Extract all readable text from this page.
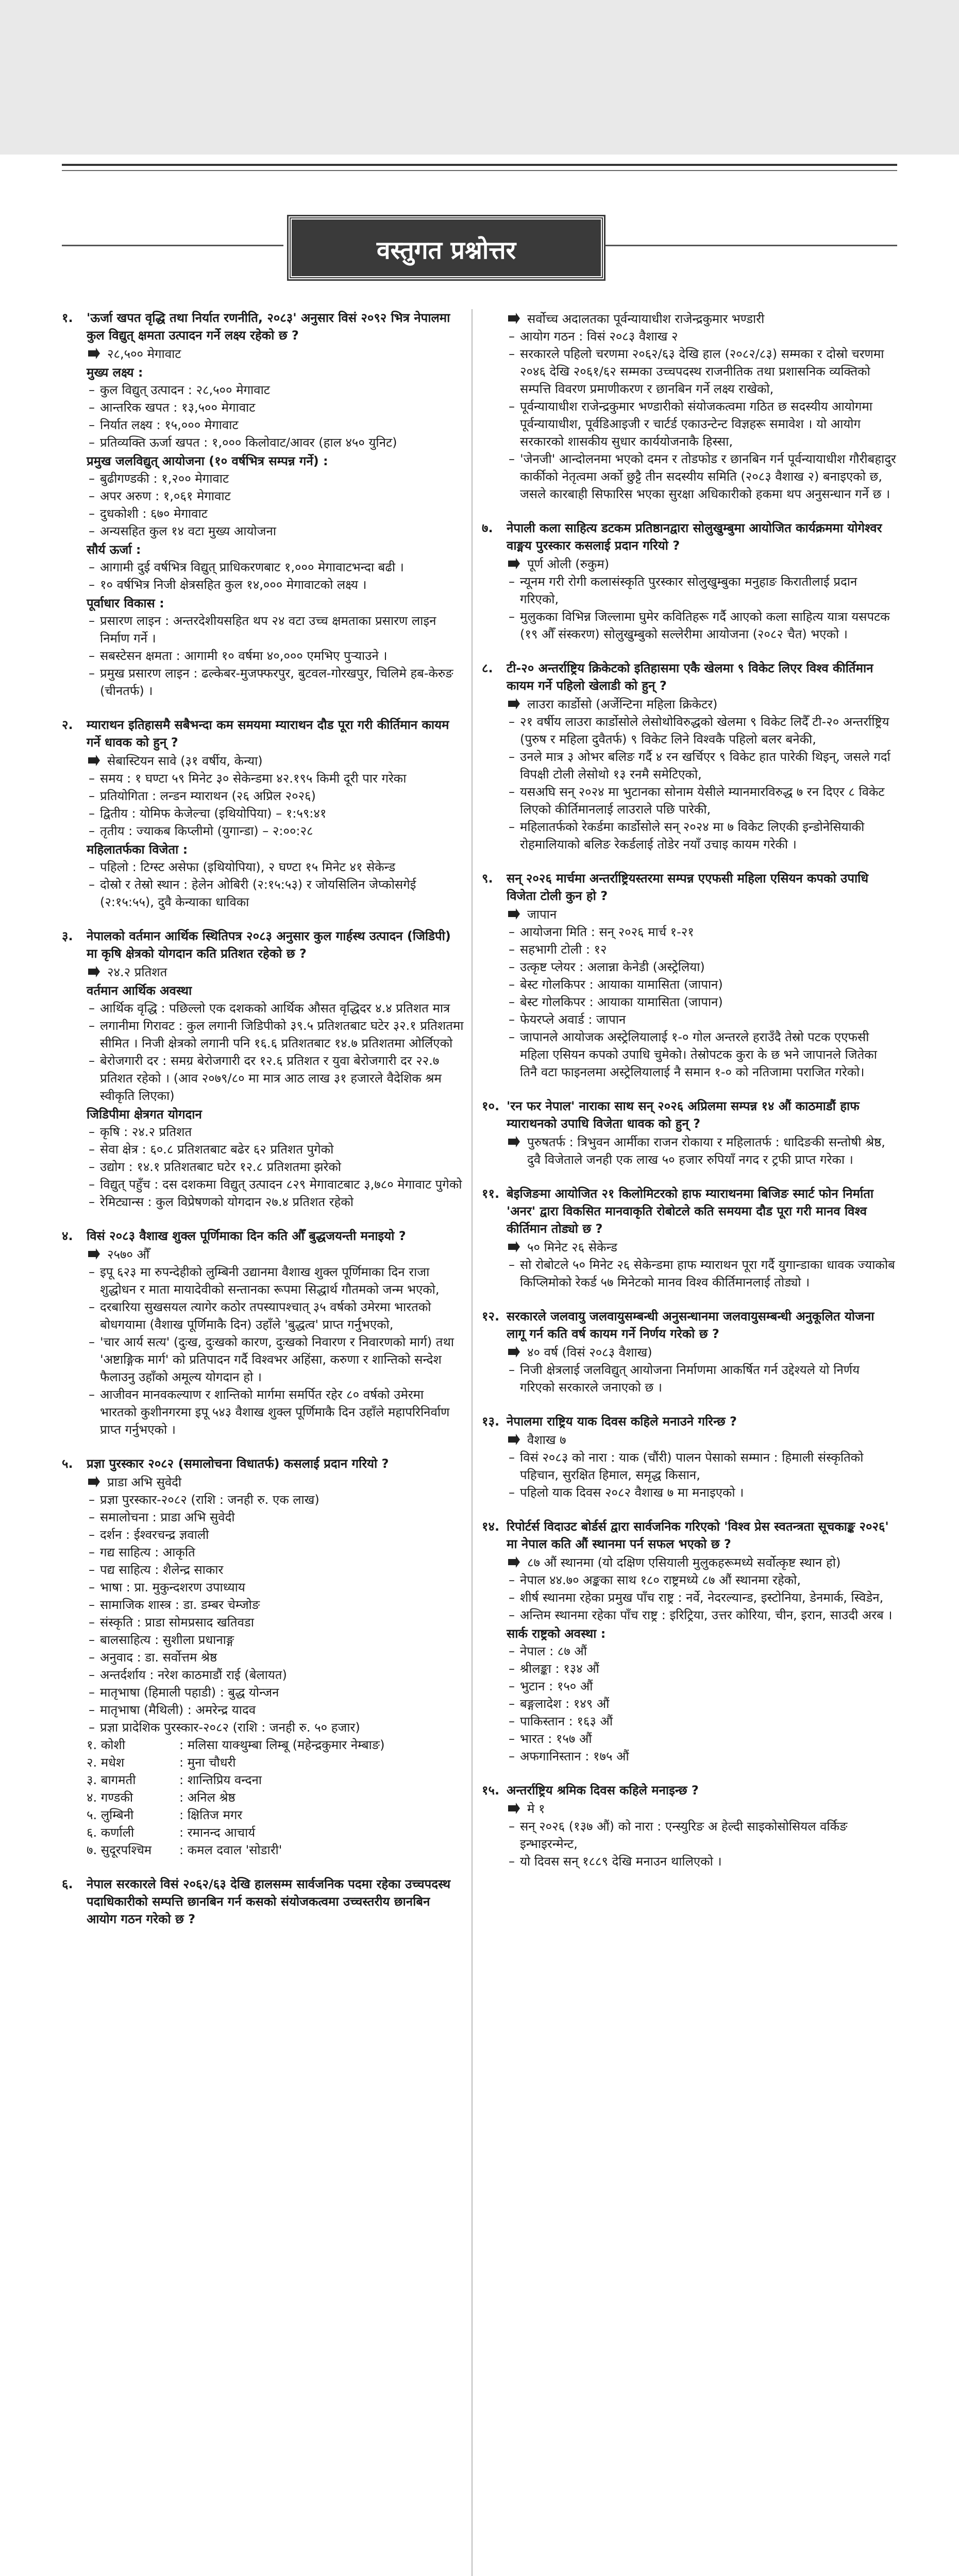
वस्तुगत प्रश्नोत्तर
१. 'ऊर्जा खपत वृद्धि तथा निर्यात रणनीति, २०८३' अनुसार विसं २०९२ भित्र नेपालमा कुल विद्युत् क्षमता उत्पादन गर्ने लक्ष्य रहेको छ ?
२८,५०० मेगावाट
मुख्य लक्ष्य :
– कुल विद्युत् उत्पादन : २८,५०० मेगावाट
– आन्तरिक खपत : १३,५०० मेगावाट
– निर्यात लक्ष्य : १५,००० मेगावाट
– प्रतिव्यक्ति ऊर्जा खपत : १,००० किलोवाट/आवर (हाल ४५० युनिट)
प्रमुख जलविद्युत् आयोजना (१० वर्षभित्र सम्पन्न गर्ने) :
– बुढीगण्डकी : १,२०० मेगावाट
– अपर अरुण : १,०६१ मेगावाट
– दुधकोशी : ६७० मेगावाट
– अन्यसहित कुल १४ वटा मुख्य आयोजना
सौर्य ऊर्जा :
– आगामी दुई वर्षभित्र विद्युत् प्राधिकरणबाट १,००० मेगावाटभन्दा बढी ।
– १० वर्षभित्र निजी क्षेत्रसहित कुल १४,००० मेगावाटको लक्ष्य ।
पूर्वाधार विकास :
– प्रसारण लाइन : अन्तरदेशीयसहित थप २४ वटा उच्च क्षमताका प्रसारण लाइन निर्माण गर्ने ।
– सबस्टेसन क्षमता : आगामी १० वर्षमा ४०,००० एमभिए पुऱ्याउने ।
– प्रमुख प्रसारण लाइन : ढल्केबर-मुजफ्फरपुर, बुटवल-गोरखपुर, चिलिमे हब-केरुङ (चीनतर्फ) ।
२. म्याराथन इतिहासमै सबैभन्दा कम समयमा म्याराथन दौड पूरा गरी कीर्तिमान कायम गर्ने धावक को हुन् ?
सेबास्टियन सावे (३१ वर्षीय, केन्या)
– समय : १ घण्टा ५९ मिनेट ३० सेकेन्डमा ४२.१९५ किमी दूरी पार गरेका
– प्रतियोगिता : लन्डन म्याराथन (२६ अप्रिल २०२६)
– द्वितीय : योमिफ केजेल्चा (इथियोपिया) – १:५९:४१
– तृतीय : ज्याकब किप्लीमो (युगान्डा) – २:००:२८
महिलातर्फका विजेता :
– पहिलो : टिग्स्ट असेफा (इथियोपिया), २ घण्टा १५ मिनेट ४१ सेकेन्ड
– दोस्रो र तेस्रो स्थान : हेलेन ओबिरी (२:१५:५३) र जोयसिलिन जेप्कोसगेई (२:१५:५५), दुवै केन्याका धाविका
३. नेपालको वर्तमान आर्थिक स्थितिपत्र २०८३ अनुसार कुल गार्हस्थ उत्पादन (जिडिपी) मा कृषि क्षेत्रको योगदान कति प्रतिशत रहेको छ ?
२४.२ प्रतिशत
वर्तमान आर्थिक अवस्था
– आर्थिक वृद्धि : पछिल्लो एक दशकको आर्थिक औसत वृद्धिदर ४.४ प्रतिशत मात्र
– लगानीमा गिरावट : कुल लगानी जिडिपीको ३९.५ प्रतिशतबाट घटेर ३२.१ प्रतिशतमा सीमित । निजी क्षेत्रको लगानी पनि १६.६ प्रतिशतबाट १४.७ प्रतिशतमा ओर्लिएको
– बेरोजगारी दर : समग्र बेरोजगारी दर १२.६ प्रतिशत र युवा बेरोजगारी दर २२.७ प्रतिशत रहेको । (आव २०७९/८० मा मात्र आठ लाख ३१ हजारले वैदेशिक श्रम स्वीकृति लिएका)
जिडिपीमा क्षेत्रगत योगदान
– कृषि : २४.२ प्रतिशत
– सेवा क्षेत्र : ६०.८ प्रतिशतबाट बढेर ६२ प्रतिशत पुगेको
– उद्योग : १४.१ प्रतिशतबाट घटेर १२.८ प्रतिशतमा झरेको
– विद्युत् पहुँच : दस दशकमा विद्युत् उत्पादन ८२९ मेगावाटबाट ३,७८० मेगावाट पुगेको
– रेमिट्यान्स : कुल विप्रेषणको योगदान २७.४ प्रतिशत रहेको
४. विसं २०८३ वैशाख शुक्ल पूर्णिमाका दिन कति औँ बुद्धजयन्ती मनाइयो ?
२५७० औँ
– इपू ६२३ मा रुपन्देहीको लुम्बिनी उद्यानमा वैशाख शुक्ल पूर्णिमाका दिन राजा शुद्धोधन र माता मायादेवीको सन्तानका रूपमा सिद्धार्थ गौतमको जन्म भएको,
– दरबारिया सुखसयल त्यागेर कठोर तपस्यापश्चात् ३५ वर्षको उमेरमा भारतको बोधगयामा (वैशाख पूर्णिमाकै दिन) उहाँले 'बुद्धत्व' प्राप्त गर्नुभएको,
– 'चार आर्य सत्य' (दुःख, दुःखको कारण, दुःखको निवारण र निवारणको मार्ग) तथा 'अष्टाङ्गिक मार्ग' को प्रतिपादन गर्दै विश्वभर अहिंसा, करुणा र शान्तिको सन्देश फैलाउनु उहाँको अमूल्य योगदान हो ।
– आजीवन मानवकल्याण र शान्तिको मार्गमा समर्पित रहेर ८० वर्षको उमेरमा भारतको कुशीनगरमा इपू ५४३ वैशाख शुक्ल पूर्णिमाकै दिन उहाँले महापरिनिर्वाण प्राप्त गर्नुभएको ।
५. प्रज्ञा पुरस्कार २०८२ (समालोचना विधातर्फ) कसलाई प्रदान गरियो ?
प्राडा अभि सुवेदी
– प्रज्ञा पुरस्कार-२०८२ (राशि : जनही रु. एक लाख)
– समालोचना : प्राडा अभि सुवेदी
– दर्शन : ईश्वरचन्द्र ज्ञवाली
– गद्य साहित्य : आकृति
– पद्य साहित्य : शैलेन्द्र साकार
– भाषा : प्रा. मुकुन्दशरण उपाध्याय
– सामाजिक शास्त्र : डा. डम्बर चेम्जोङ
– संस्कृति : प्राडा सोमप्रसाद खतिवडा
– बालसाहित्य : सुशीला प्रधानाङ्ग
– अनुवाद : डा. सर्वोत्तम श्रेष्ठ
– अन्तर्दर्शाय : नरेश काठमाडौं राई (बेलायत)
– मातृभाषा (हिमाली पहाडी) : बुद्ध योन्जन
– मातृभाषा (मैथिली) : अमरेन्द्र यादव
– प्रज्ञा प्रादेशिक पुरस्कार-२०८२ (राशि : जनही रु. ५० हजार)
१. कोशी	: मलिसा याक्थुम्बा लिम्बू (महेन्द्रकुमार नेम्बाङ)
२. मधेश	: मुना चौधरी
३. बागमती	: शान्तिप्रिय वन्दना
४. गण्डकी	: अनिल श्रेष्ठ
५. लुम्बिनी	: क्षितिज मगर
६. कर्णाली	: रमानन्द आचार्य
७. सुदूरपश्चिम : कमल दवाल 'सोडारी'
६. नेपाल सरकारले विसं २०६२/६३ देखि हालसम्म सार्वजनिक पदमा रहेका उच्चपदस्थ पदाधिकारीको सम्पत्ति छानबिन गर्न कसको संयोजकत्वमा उच्चस्तरीय छानबिन आयोग गठन गरेको छ ?
सर्वोच्च अदालतका पूर्वन्यायाधीश राजेन्द्रकुमार भण्डारी
– आयोग गठन : विसं २०८३ वैशाख २
– सरकारले पहिलो चरणमा २०६२/६३ देखि हाल (२०८२/८३) सम्मका र दोस्रो चरणमा २०४६ देखि २०६१/६२ सम्मका उच्चपदस्थ राजनीतिक तथा प्रशासनिक व्यक्तिको सम्पत्ति विवरण प्रमाणीकरण र छानबिन गर्ने लक्ष्य राखेको,
– पूर्वन्यायाधीश राजेन्द्रकुमार भण्डारीको संयोजकत्वमा गठित छ सदस्यीय आयोगमा पूर्वन्यायाधीश, पूर्वडिआइजी र चार्टर्ड एकाउन्टेन्ट विज्ञहरू समावेश । यो आयोग सरकारको शासकीय सुधार कार्ययोजनाकै हिस्सा,
– 'जेनजी' आन्दोलनमा भएको दमन र तोडफोड र छानबिन गर्न पूर्वन्यायाधीश गौरीबहादुर कार्कीको नेतृत्वमा अर्को छुट्टै तीन सदस्यीय समिति (२०८३ वैशाख २) बनाइएको छ, जसले कारबाही सिफारिस भएका सुरक्षा अधिकारीको हकमा थप अनुसन्धान गर्ने छ ।
७. नेपाली कला साहित्य डटकम प्रतिष्ठानद्वारा सोलुखुम्बुमा आयोजित कार्यक्रममा योगेश्वर वाङ्मय पुरस्कार कसलाई प्रदान गरियो ?
पूर्ण ओली (रुकुम)
– न्यूनम गरी रोगी कलासंस्कृति पुरस्कार सोलुखुम्बुका मनुहाङ किरातीलाई प्रदान गरिएको,
– मुलुकका विभिन्न जिल्लामा घुमेर कवितिहरू गर्दै आएको कला साहित्य यात्रा यसपटक (१९ औँ संस्करण) सोलुखुम्बुको सल्लेरीमा आयोजना (२०८२ चैत) भएको ।
८. टी-२० अन्तर्राष्ट्रिय क्रिकेटको इतिहासमा एकै खेलमा ९ विकेट लिएर विश्व कीर्तिमान कायम गर्ने पहिलो खेलाडी को हुन् ?
लाउरा कार्डोसो (अर्जेन्टिना महिला क्रिकेटर)
– २१ वर्षीय लाउरा कार्डोसोले लेसोथोविरुद्धको खेलमा ९ विकेट लिदैँ टी-२० अन्तर्राष्ट्रिय (पुरुष र महिला दुवैतर्फ) ९ विकेट लिने विश्वकै पहिलो बलर बनेकी,
– उनले मात्र ३ ओभर बलिङ गर्दै ४ रन खर्चिएर ९ विकेट हात पारेकी थिइन्, जसले गर्दा विपक्षी टोली लेसोथो १३ रनमै समेटिएको,
– यसअघि सन् २०२४ मा भुटानका सोनाम येसीले म्यानमारविरुद्ध ७ रन दिएर ८ विकेट लिएको कीर्तिमानलाई लाउराले पछि पारेकी,
– महिलातर्फको रेकर्डमा कार्डोसोले सन् २०२४ मा ७ विकेट लिएकी इन्डोनेसियाकी रोहमालियाको बलिङ रेकर्डलाई तोडेर नयाँ उचाइ कायम गरेकी ।
९. सन् २०२६ मार्चमा अन्तर्राष्ट्रियस्तरमा सम्पन्न एएफसी महिला एसियन कपको उपाधि विजेता टोली कुन हो ?
जापान
– आयोजना मिति : सन् २०२६ मार्च १-२१
– सहभागी टोली : १२
– उत्कृष्ट प्लेयर : अलान्ना केनेडी (अस्ट्रेलिया)
– बेस्ट गोलकिपर : आयाका यामासिता (जापान)
– बेस्ट गोलकिपर : आयाका यामासिता (जापान)
– फेयरप्ले अवार्ड : जापान
– जापानले आयोजक अस्ट्रेलियालाई १-० गोल अन्तरले हराउँदै तेस्रो पटक एएफसी महिला एसियन कपको उपाधि चुमेको। तेस्रोपटक कुरा के छ भने जापानले जितेका तिनै वटा फाइनलमा अस्ट्रेलियालाई नै समान १-० को नतिजामा पराजित गरेको।
१०. 'रन फर नेपाल' नाराका साथ सन् २०२६ अप्रिलमा सम्पन्न १४ औं काठमाडौं हाफ म्याराथनको उपाधि विजेता धावक को हुन् ?
पुरुषतर्फ : त्रिभुवन आर्मीका राजन रोकाया र महिलातर्फ : धादिङकी सन्तोषी श्रेष्ठ, दुवै विजेताले जनही एक लाख ५० हजार रुपियाँ नगद र ट्रफी प्राप्त गरेका ।
११. बेइजिङमा आयोजित २१ किलोमिटरको हाफ म्याराथनमा बिजिङ स्मार्ट फोन निर्माता 'अनर' द्वारा विकसित मानवाकृति रोबोटले कति समयमा दौड पूरा गरी मानव विश्व कीर्तिमान तोड्यो छ ?
५० मिनेट २६ सेकेन्ड
– सो रोबोटले ५० मिनेट २६ सेकेन्डमा हाफ म्याराथन पूरा गर्दै युगान्डाका धावक ज्याकोब किप्लिमोको रेकर्ड ५७ मिनेटको मानव विश्व कीर्तिमानलाई तोड्यो ।
१२. सरकारले जलवायु जलवायुसम्बन्धी अनुसन्धानमा जलवायुसम्बन्धी अनुकूलित योजना लागू गर्न कति वर्ष कायम गर्ने निर्णय गरेको छ ?
४० वर्ष (विसं २०८३ वैशाख)
– निजी क्षेत्रलाई जलविद्युत् आयोजना निर्माणमा आकर्षित गर्न उद्देश्यले यो निर्णय गरिएको सरकारले जनाएको छ ।
१३. नेपालमा राष्ट्रिय याक दिवस कहिले मनाउने गरिन्छ ?
वैशाख ७
– विसं २०८३ को नारा : याक (चौंरी) पालन पेसाको सम्मान : हिमाली संस्कृतिको पहिचान, सुरक्षित हिमाल, समृद्ध किसान,
– पहिलो याक दिवस २०८२ वैशाख ७ मा मनाइएको ।
१४. रिपोर्टर्स विदाउट बोर्डर्स द्वारा सार्वजनिक गरिएको 'विश्व प्रेस स्वतन्त्रता सूचकाङ्क २०२६' मा नेपाल कति औं स्थानमा पर्न सफल भएको छ ?
८७ औं स्थानमा (यो दक्षिण एसियाली मुलुकहरूमध्ये सर्वोत्कृष्ट स्थान हो)
– नेपाल ४४.७० अङ्कका साथ १८० राष्ट्रमध्ये ८७ औं स्थानमा रहेको,
– शीर्ष स्थानमा रहेका प्रमुख पाँच राष्ट्र : नर्वे, नेदरल्यान्ड, इस्टोनिया, डेनमार्क, स्विडेन,
– अन्तिम स्थानमा रहेका पाँच राष्ट्र : इरिट्रिया, उत्तर कोरिया, चीन, इरान, साउदी अरब ।
सार्क राष्ट्रको अवस्था :
– नेपाल : ८७ औं
– श्रीलङ्का : १३४ औं
– भुटान : १५० औं
– बङ्गलादेश : १४९ औं
– पाकिस्तान : १६३ औं
– भारत : १५७ औं
– अफगानिस्तान : १७५ औं
१५. अन्तर्राष्ट्रिय श्रमिक दिवस कहिले मनाइन्छ ?
मे १
– सन् २०२६ (१३७ औं) को नारा : एन्स्युरिङ अ हेल्दी साइकोसोसियल वर्किङ इन्भाइरन्मेन्ट,
– यो दिवस सन् १८८९ देखि मनाउन थालिएको ।
